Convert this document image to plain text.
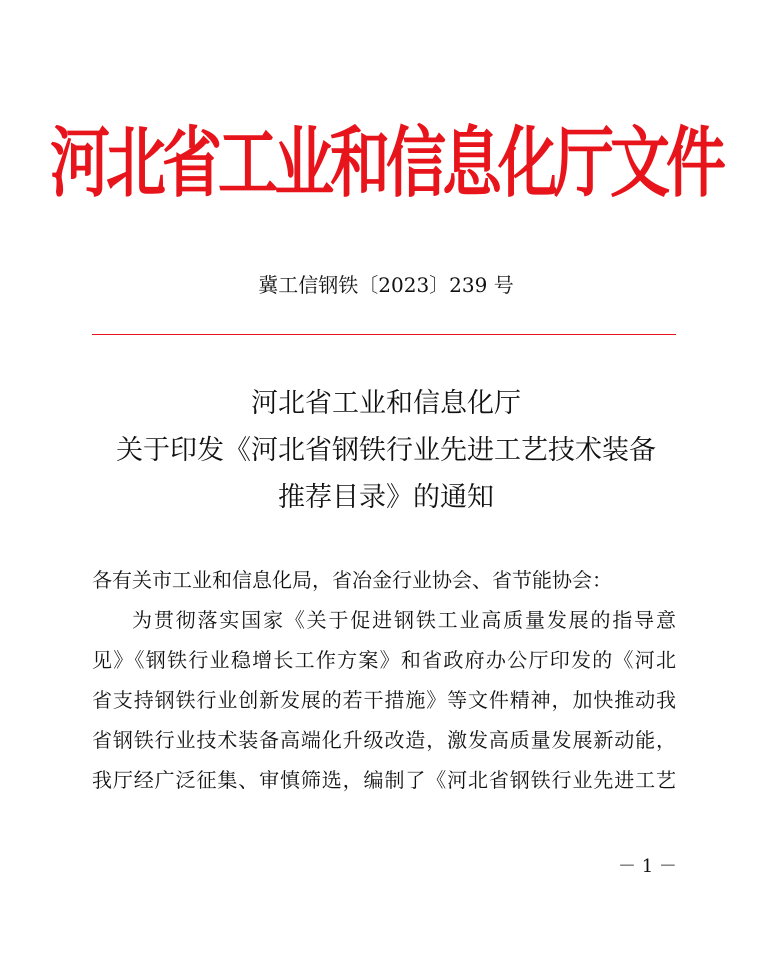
河北省工业和信息化厅文件
冀工信钢铁〔2023〕239 号
河北省工业和信息化厅
关于印发《河北省钢铁行业先进工艺技术装备
推荐目录》的通知
各有关市工业和信息化局，省冶金行业协会、省节能协会：
为贯彻落实国家《关于促进钢铁工业高质量发展的指导意
见》《钢铁行业稳增长工作方案》和省政府办公厅印发的《河北
省支持钢铁行业创新发展的若干措施》等文件精神，加快推动我
省钢铁行业技术装备高端化升级改造，激发高质量发展新动能，
我厅经广泛征集、审慎筛选，编制了《河北省钢铁行业先进工艺
－ 1 －
